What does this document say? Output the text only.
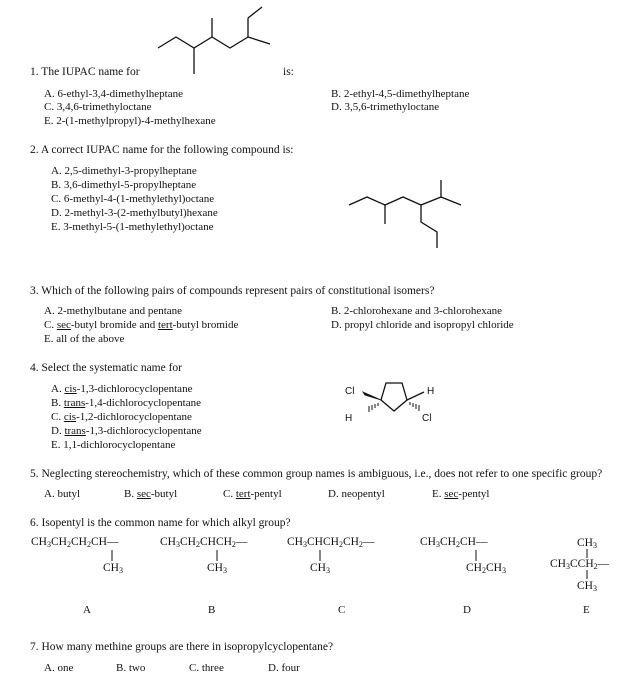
1. The IUPAC name for	is:
A. 6-ethyl-3,4-dimethylheptane	B. 2-ethyl-4,5-dimethylheptane
C. 3,4,6-trimethyloctane	D. 3,5,6-trimethyloctane
E. 2-(1-methylpropyl)-4-methylhexane
2. A correct IUPAC name for the following compound is:
A. 2,5-dimethyl-3-propylheptane
B. 3,6-dimethyl-5-propylheptane
C. 6-methyl-4-(1-methylethyl)octane
D. 2-methyl-3-(2-methylbutyl)hexane
E. 3-methyl-5-(1-methylethyl)octane
3. Which of the following pairs of compounds represent pairs of constitutional isomers?
A. 2-methylbutane and pentane	B. 2-chlorohexane and 3-chlorohexane
C. sec-butyl bromide and tert-butyl bromide	D. propyl chloride and isopropyl chloride
E. all of the above
4. Select the systematic name for
A. cis-1,3-dichlorocyclopentane
B. trans-1,4-dichlorocyclopentane
C. cis-1,2-dichlorocyclopentane
D. trans-1,3-dichlorocyclopentane
E. 1,1-dichlorocyclopentane
Cl
H
H
Cl
5. Neglecting stereochemistry, which of these common group names is ambiguous, i.e., does not refer to one specific group?
A. butyl	B. sec-butyl	C. tert-pentyl	D. neopentyl	E. sec-pentyl
6. Isopentyl is the common name for which alkyl group?
$CH_3CH_2CH_2CH—$
$CH_3$
$CH_3CH_2CHCH_2—$
$CH_3$
$CH_3CHCH_2CH_2—$
$CH_3$
$CH_3CH_2CH—$
$CH_2CH_3$
$CH_3$
$CH_3CCH_2—$
$CH_3$
A	B	C	D	E
7. How many methine groups are there in isopropylcyclopentane?
A. one	B. two	C. three	D. four
